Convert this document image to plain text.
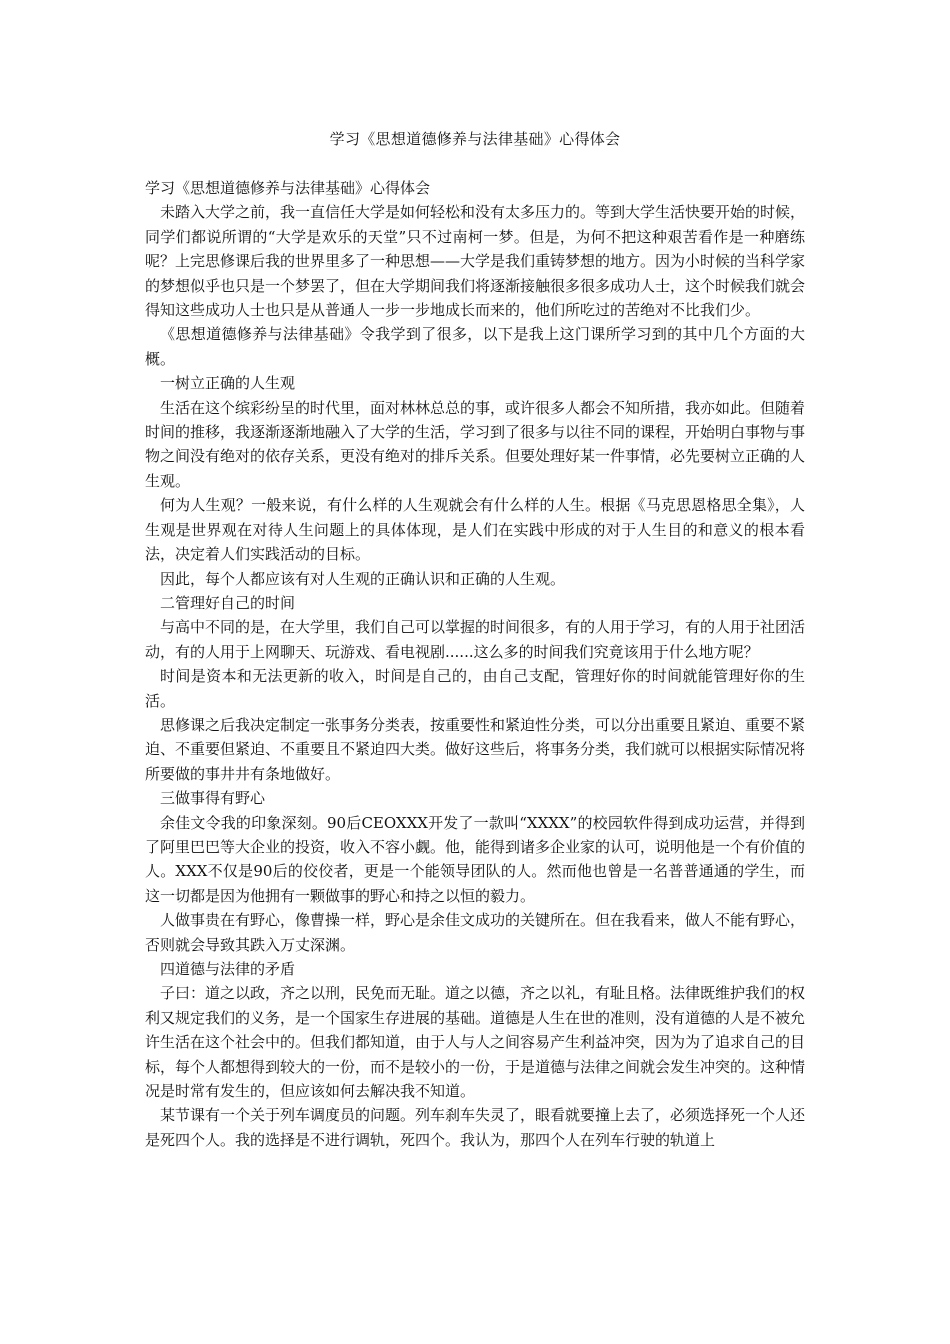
学习《思想道德修养与法律基础》心得体会

学习《思想道德修养与法律基础》心得体会

未踏入大学之前，我一直信任大学是如何轻松和没有太多压力的。等到大学生活快要开始的时候，同学们都说所谓的“大学是欢乐的天堂”只不过南柯一梦。但是，为何不把这种艰苦看作是一种磨练呢？上完思修课后我的世界里多了一种思想——大学是我们重铸梦想的地方。因为小时候的当科学家的梦想似乎也只是一个梦罢了，但在大学期间我们将逐渐接触很多很多成功人士，这个时候我们就会得知这些成功人士也只是从普通人一步一步地成长而来的，他们所吃过的苦绝对不比我们少。

《思想道德修养与法律基础》令我学到了很多，以下是我上这门课所学习到的其中几个方面的大概。

一树立正确的人生观

生活在这个缤彩纷呈的时代里，面对林林总总的事，或许很多人都会不知所措，我亦如此。但随着时间的推移，我逐渐逐渐地融入了大学的生活，学习到了很多与以往不同的课程，开始明白事物与事物之间没有绝对的依存关系，更没有绝对的排斥关系。但要处理好某一件事情，必先要树立正确的人生观。

何为人生观？一般来说，有什么样的人生观就会有什么样的人生。根据《马克思恩格思全集》，人生观是世界观在对待人生问题上的具体体现，是人们在实践中形成的对于人生目的和意义的根本看法，决定着人们实践活动的目标。

因此，每个人都应该有对人生观的正确认识和正确的人生观。

二管理好自己的时间

与高中不同的是，在大学里，我们自己可以掌握的时间很多，有的人用于学习，有的人用于社团活动，有的人用于上网聊天、玩游戏、看电视剧......这么多的时间我们究竟该用于什么地方呢？

时间是资本和无法更新的收入，时间是自己的，由自己支配，管理好你的时间就能管理好你的生活。

思修课之后我决定制定一张事务分类表，按重要性和紧迫性分类，可以分出重要且紧迫、重要不紧迫、不重要但紧迫、不重要且不紧迫四大类。做好这些后，将事务分类，我们就可以根据实际情况将所要做的事井井有条地做好。

三做事得有野心

余佳文令我的印象深刻。90后CEOXXX开发了一款叫“XXXX”的校园软件得到成功运营，并得到了阿里巴巴等大企业的投资，收入不容小觑。他，能得到诸多企业家的认可，说明他是一个有价值的人。XXX不仅是90后的佼佼者，更是一个能领导团队的人。然而他也曾是一名普普通通的学生，而这一切都是因为他拥有一颗做事的野心和持之以恒的毅力。

人做事贵在有野心，像曹操一样，野心是余佳文成功的关键所在。但在我看来，做人不能有野心，否则就会导致其跌入万丈深渊。

四道德与法律的矛盾

子曰：道之以政，齐之以刑，民免而无耻。道之以德，齐之以礼，有耻且格。法律既维护我们的权利又规定我们的义务，是一个国家生存进展的基础。道德是人生在世的准则，没有道德的人是不被允许生活在这个社会中的。但我们都知道，由于人与人之间容易产生利益冲突，因为为了追求自己的目标，每个人都想得到较大的一份，而不是较小的一份，于是道德与法律之间就会发生冲突的。这种情况是时常有发生的，但应该如何去解决我不知道。

某节课有一个关于列车调度员的问题。列车刹车失灵了，眼看就要撞上去了，必须选择死一个人还是死四个人。我的选择是不进行调轨，死四个。我认为，那四个人在列车行驶的轨道上
